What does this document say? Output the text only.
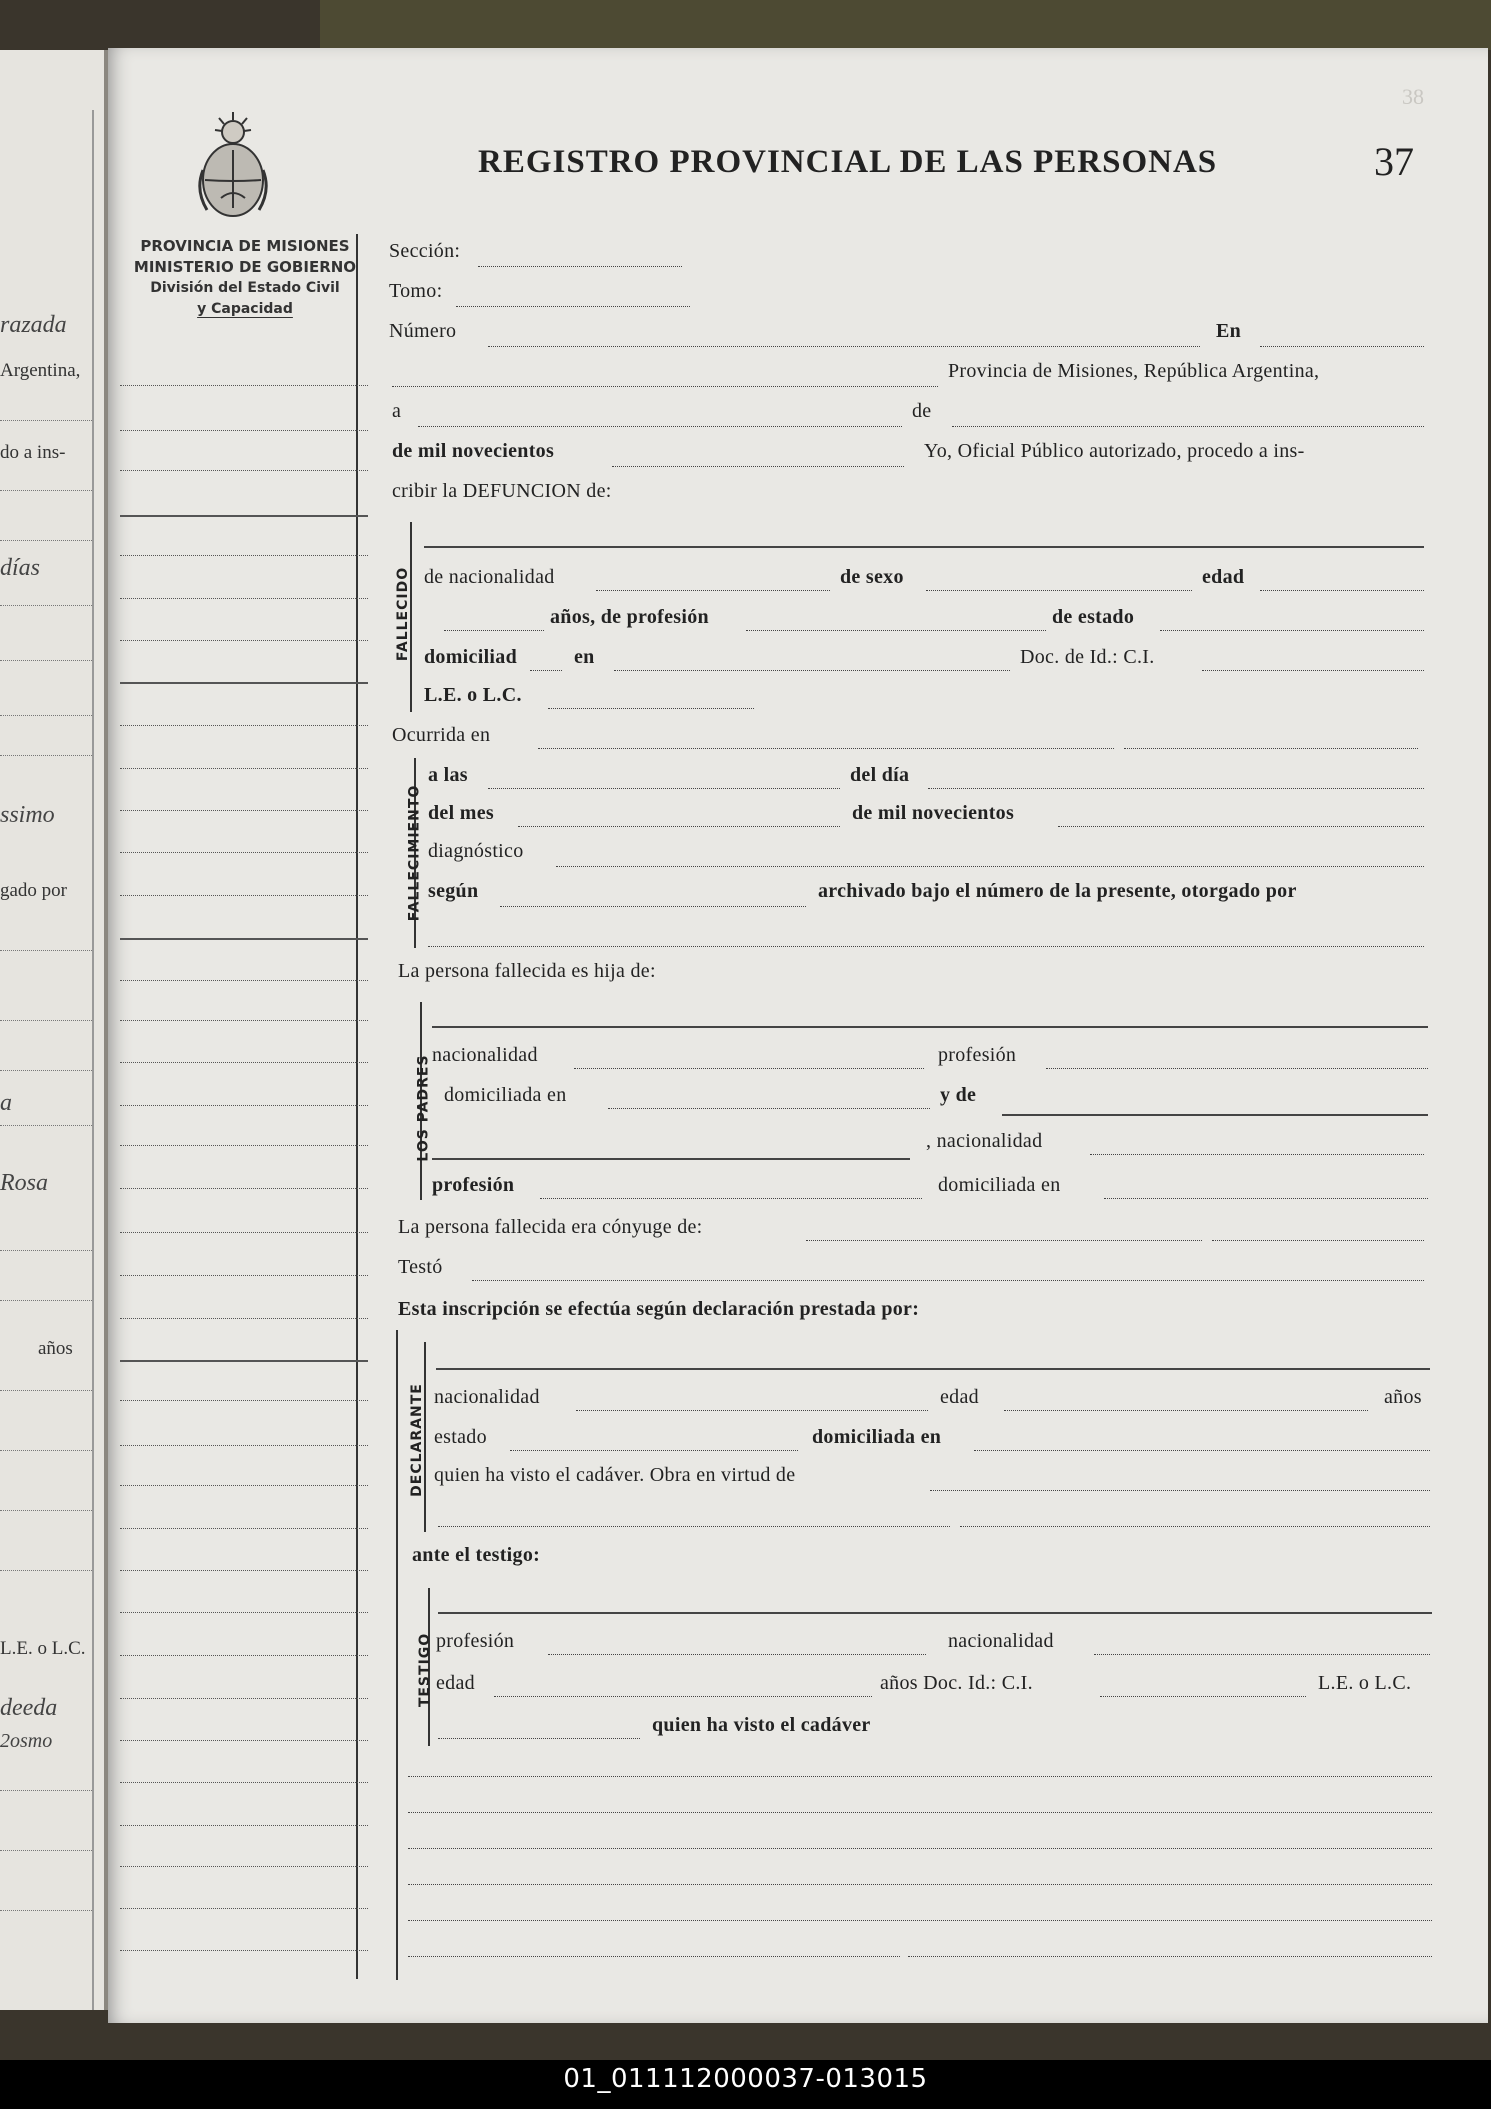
razada
Argentina,
do a ins-
días
ssimo
gado por
a
Rosa
años
L.E. o L.C.
deeda
2osmo
38
REGISTRO PROVINCIAL DE LAS PERSONAS	37
PROVINCIA DE MISIONES
MINISTERIO DE GOBIERNO
División del Estado Civil
y Capacidad
Sección:
Tomo:
Número	En
Provincia de Misiones, República Argentina,
a	de
de mil novecientos	Yo, Oficial Público autorizado, procedo a ins-
cribir la DEFUNCION de:
FALLECIDO de nacionalidad	de sexo	edad
años, de profesión	de estado
domiciliad	en	Doc. de Id.: C.I.
L.E. o L.C.
Ocurrida en
FALLECIMIENTO
a las	del día
del mes	de mil novecientos
diagnóstico
según	archivado bajo el número de la presente, otorgado por
La persona fallecida es hija de:
LOS PADRES nacionalidad	profesión
domiciliada en	y de
, nacionalidad
profesión	domiciliada en
La persona fallecida era cónyuge de:
Testó
Esta inscripción se efectúa según declaración prestada por:
DECLARANTE nacionalidad	edad	años
estado	domiciliada en
quien ha visto el cadáver. Obra en virtud de
ante el testigo:
TESTIGO profesión	nacionalidad
edad	años Doc. Id.: C.I.	L.E. o L.C.
quien ha visto el cadáver
01_011112000037-013015
